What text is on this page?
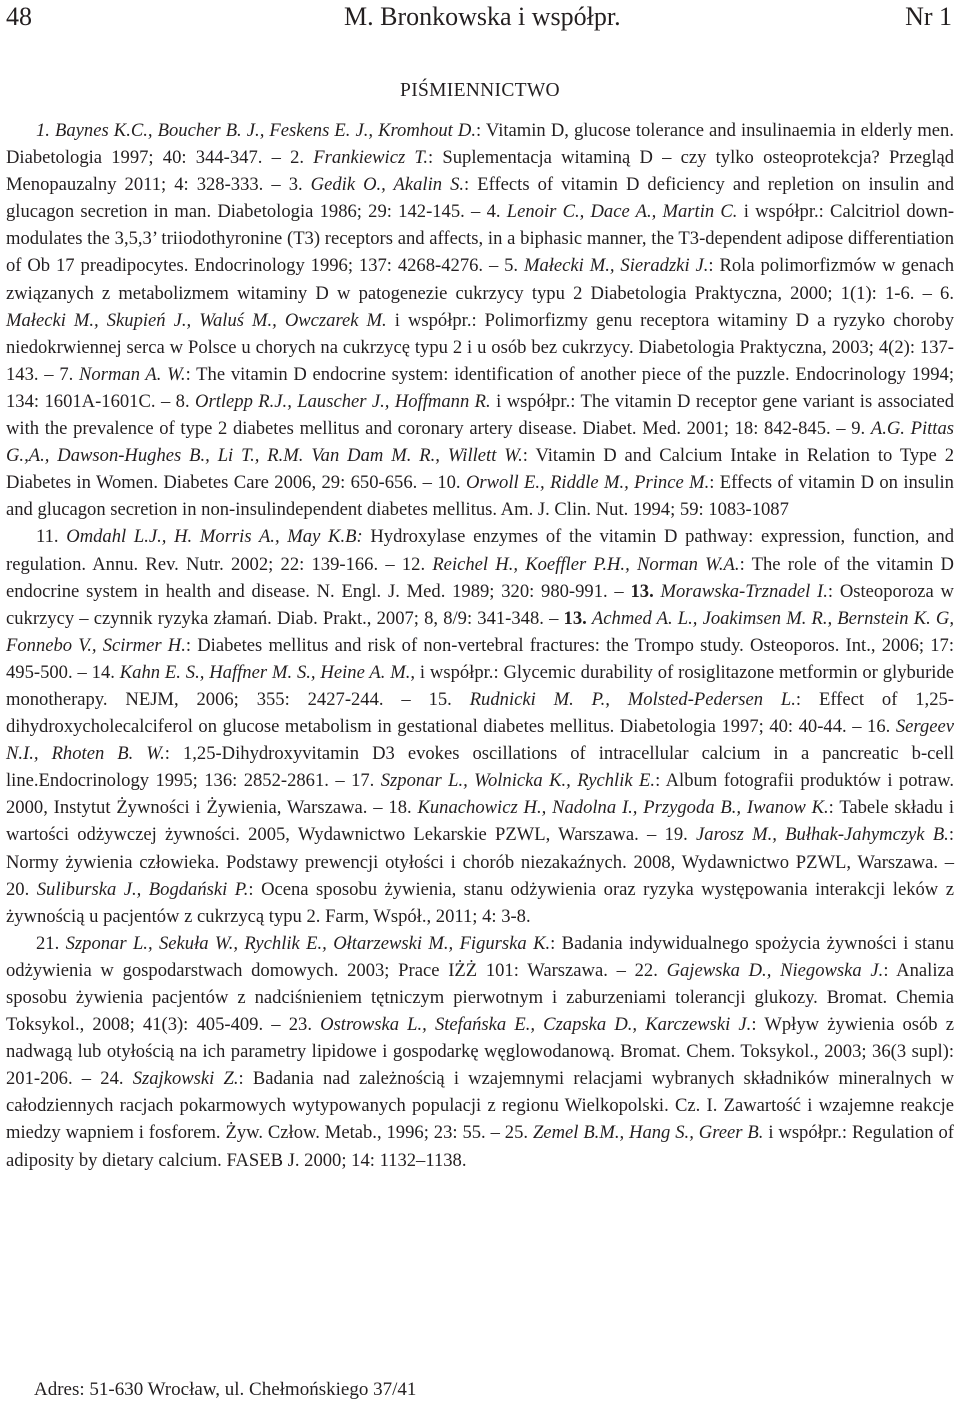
48	M. Bronkowska i współpr.	Nr 1
PIŚMIENNICTWO

1. Baynes K.C., Boucher B. J., Feskens E. J., Kromhout D.: Vitamin D, glucose tolerance and insulinaemia in elderly men. Diabetologia 1997; 40: 344-347. – 2. Frankiewicz T.: Suplementacja witaminą D – czy tylko osteoprotekcja? Przegląd Menopauzalny 2011; 4: 328-333. – 3. Gedik O., Akalin S.: Effects of vitamin D deficiency and repletion on insulin and glucagon secretion in man. Diabetologia 1986; 29: 142-145. – 4. Lenoir C., Dace A., Martin C. i współpr.: Calcitriol down-modulates the 3,5,3’ triiodothyronine (T3) receptors and affects, in a biphasic manner, the T3-dependent adipose differentiation of Ob 17 preadipocytes. Endocrinology 1996; 137: 4268-4276. – 5. Małecki M., Sieradzki J.: Rola polimorfizmów w genach związanych z metabolizmem witaminy D w patogenezie cukrzycy typu 2 Diabetologia Praktyczna, 2000; 1(1): 1-6. – 6. Małecki M., Skupień J., Waluś M., Owczarek M. i współpr.: Polimorfizmy genu receptora witaminy D a ryzyko choroby niedokrwiennej serca w Polsce u chorych na cukrzycę typu 2 i u osób bez cukrzycy. Diabetologia Praktyczna, 2003; 4(2): 137-143. – 7. Norman A. W.: The vitamin D endocrine system: identification of another piece of the puzzle. Endocrinology 1994; 134: 1601A-1601C. – 8. Ortlepp R.J., Lauscher J., Hoffmann R. i współpr.: The vitamin D receptor gene variant is associated with the prevalence of type 2 diabetes mellitus and coronary artery disease. Diabet. Med. 2001; 18: 842-845. – 9. A.G. Pittas G.,A., Dawson-Hughes B., Li T., R.M. Van Dam M. R., Willett W.: Vitamin D and Calcium Intake in Relation to Type 2 Diabetes in Women. Diabetes Care 2006, 29: 650-656. – 10. Orwoll E., Riddle M., Prince M.: Effects of vitamin D on insulin and glucagon secretion in non-insulindependent diabetes mellitus. Am. J. Clin. Nut. 1994; 59: 1083-1087

11. Omdahl L.J., H. Morris A., May K.B: Hydroxylase enzymes of the vitamin D pathway: expression, function, and regulation. Annu. Rev. Nutr. 2002; 22: 139-166. – 12. Reichel H., Koeffler P.H., Norman W.A.: The role of the vitamin D endocrine system in health and disease. N. Engl. J. Med. 1989; 320: 980-991. – 13. Morawska-Trznadel I.: Osteoporoza w cukrzycy – czynnik ryzyka złamań. Diab. Prakt., 2007; 8, 8/9: 341-348. – 13. Achmed A. L., Joakimsen M. R., Bernstein K. G, Fonnebo V., Scirmer H.: Diabetes mellitus and risk of non-vertebral fractures: the Trompo study. Osteoporos. Int., 2006; 17: 495-500. – 14. Kahn E. S., Haffner M. S., Heine A. M., i współpr.: Glycemic durability of rosiglitazone metformin or glyburide monotherapy. NEJM, 2006; 355: 2427-244. – 15. Rudnicki M. P., Molsted-Pedersen L.: Effect of 1,25-dihydroxycholecalciferol on glucose metabolism in gestational diabetes mellitus. Diabetologia 1997; 40: 40-44. – 16. Sergeev N.I., Rhoten B. W.: 1,25-Dihydroxyvitamin D3 evokes oscillations of intracellular calcium in a pancreatic b-cell line.Endocrinology 1995; 136: 2852-2861. – 17. Szponar L., Wolnicka K., Rychlik E.: Album fotografii produktów i potraw. 2000, Instytut Żywności i Żywienia, Warszawa. – 18. Kunachowicz H., Nadolna I., Przygoda B., Iwanow K.: Tabele składu i wartości odżywczej żywności. 2005, Wydawnictwo Lekarskie PZWL, Warszawa. – 19. Jarosz M., Bułhak-Jahymczyk B.: Normy żywienia człowieka. Podstawy prewencji otyłości i chorób niezakaźnych. 2008, Wydawnictwo PZWL, Warszawa. – 20. Suliburska J., Bogdański P.: Ocena sposobu żywienia, stanu odżywienia oraz ryzyka występowania interakcji leków z żywnością u pacjentów z cukrzycą typu 2. Farm, Współ., 2011; 4: 3-8.

21. Szponar L., Sekuła W., Rychlik E., Ołtarzewski M., Figurska K.: Badania indywidualnego spożycia żywności i stanu odżywienia w gospodarstwach domowych. 2003; Prace IŻŻ 101: Warszawa. – 22. Gajewska D., Niegowska J.: Analiza sposobu żywienia pacjentów z nadciśnieniem tętniczym pierwotnym i zaburzeniami tolerancji glukozy. Bromat. Chemia Toksykol., 2008; 41(3): 405-409. – 23. Ostrowska L., Stefańska E., Czapska D., Karczewski J.: Wpływ żywienia osób z nadwagą lub otyłością na ich parametry lipidowe i gospodarkę węglowodanową. Bromat. Chem. Toksykol., 2003; 36(3 supl): 201-206. – 24. Szajkowski Z.: Badania nad zależnością i wzajemnymi relacjami wybranych składników mineralnych w całodziennych racjach pokarmowych wytypowanych populacji z regionu Wielkopolski. Cz. I. Zawartość i wzajemne reakcje miedzy wapniem i fosforem. Żyw. Człow. Metab., 1996; 23: 55. – 25. Zemel B.M., Hang S., Greer B. i współpr.: Regulation of adiposity by dietary calcium. FASEB J. 2000; 14: 1132–1138.

Adres: 51-630 Wrocław, ul. Chełmońskiego 37/41
